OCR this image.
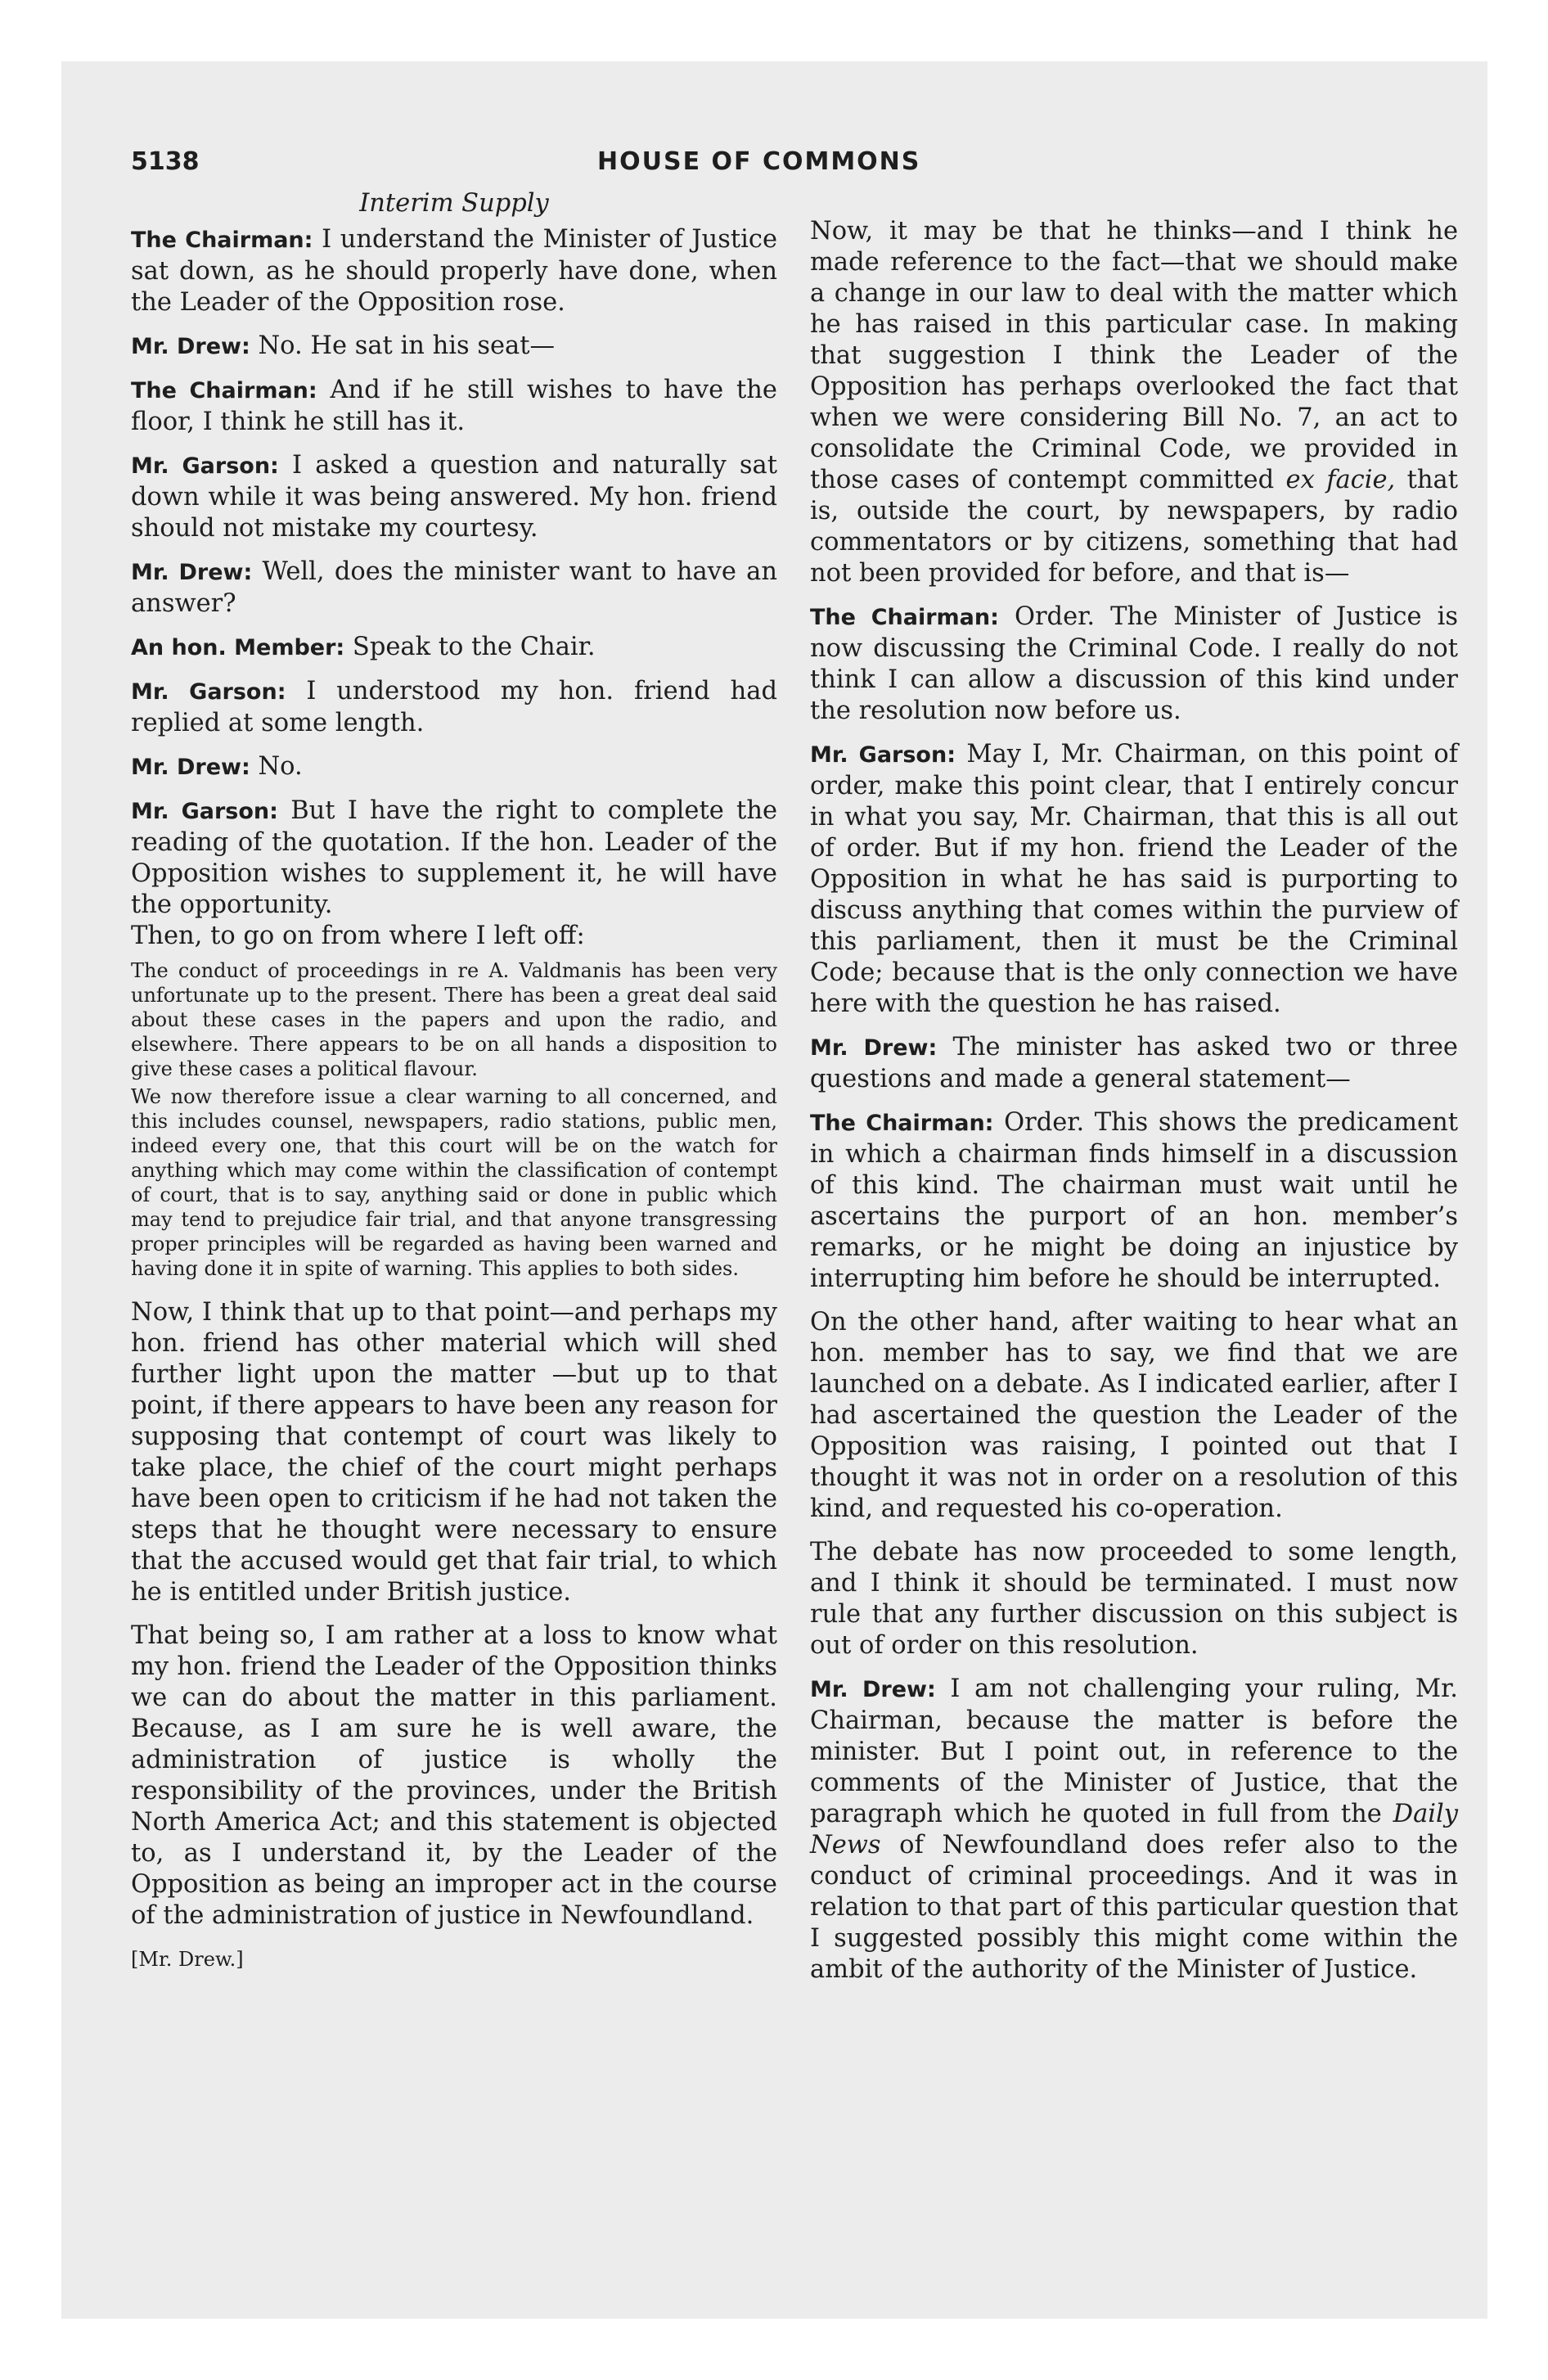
5138	HOUSE OF COMMONS
Interim Supply

The Chairman: I understand the Minister of Justice sat down, as he should properly have done, when the Leader of the Opposition rose.

Mr. Drew: No. He sat in his seat—

The Chairman: And if he still wishes to have the floor, I think he still has it.

Mr. Garson: I asked a question and naturally sat down while it was being answered. My hon. friend should not mistake my courtesy.

Mr. Drew: Well, does the minister want to have an answer?

An hon. Member: Speak to the Chair.

Mr. Garson: I understood my hon. friend had replied at some length.

Mr. Drew: No.

Mr. Garson: But I have the right to complete the reading of the quotation. If the hon. Leader of the Opposition wishes to supplement it, he will have the opportunity.

Then, to go on from where I left off:

The conduct of proceedings in re A. Valdmanis has been very unfortunate up to the present. There has been a great deal said about these cases in the papers and upon the radio, and elsewhere. There appears to be on all hands a disposition to give these cases a political flavour.

We now therefore issue a clear warning to all concerned, and this includes counsel, newspapers, radio stations, public men, indeed every one, that this court will be on the watch for anything which may come within the classification of contempt of court, that is to say, anything said or done in public which may tend to prejudice fair trial, and that anyone transgressing proper principles will be regarded as having been warned and having done it in spite of warning. This applies to both sides.

Now, I think that up to that point—and perhaps my hon. friend has other material which will shed further light upon the matter —but up to that point, if there appears to have been any reason for supposing that contempt of court was likely to take place, the chief of the court might perhaps have been open to criticism if he had not taken the steps that he thought were necessary to ensure that the accused would get that fair trial, to which he is entitled under British justice.

That being so, I am rather at a loss to know what my hon. friend the Leader of the Opposition thinks we can do about the matter in this parliament. Because, as I am sure he is well aware, the administration of justice is wholly the responsibility of the provinces, under the British North America Act; and this statement is objected to, as I understand it, by the Leader of the Opposition as being an improper act in the course of the administration of justice in Newfoundland.

[Mr. Drew.]

Now, it may be that he thinks—and I think he made reference to the fact—that we should make a change in our law to deal with the matter which he has raised in this particular case. In making that suggestion I think the Leader of the Opposition has perhaps overlooked the fact that when we were considering Bill No. 7, an act to consolidate the Criminal Code, we provided in those cases of contempt committed ex facie, that is, outside the court, by newspapers, by radio commentators or by citizens, something that had not been provided for before, and that is—

The Chairman: Order. The Minister of Justice is now discussing the Criminal Code. I really do not think I can allow a discussion of this kind under the resolution now before us.

Mr. Garson: May I, Mr. Chairman, on this point of order, make this point clear, that I entirely concur in what you say, Mr. Chairman, that this is all out of order. But if my hon. friend the Leader of the Opposition in what he has said is purporting to discuss anything that comes within the purview of this parliament, then it must be the Criminal Code; because that is the only connection we have here with the question he has raised.

Mr. Drew: The minister has asked two or three questions and made a general statement—

The Chairman: Order. This shows the predicament in which a chairman finds himself in a discussion of this kind. The chairman must wait until he ascertains the purport of an hon. member’s remarks, or he might be doing an injustice by interrupting him before he should be interrupted.

On the other hand, after waiting to hear what an hon. member has to say, we find that we are launched on a debate. As I indicated earlier, after I had ascertained the question the Leader of the Opposition was raising, I pointed out that I thought it was not in order on a resolution of this kind, and requested his co-operation.

The debate has now proceeded to some length, and I think it should be terminated. I must now rule that any further discussion on this subject is out of order on this resolution.

Mr. Drew: I am not challenging your ruling, Mr. Chairman, because the matter is before the minister. But I point out, in reference to the comments of the Minister of Justice, that the paragraph which he quoted in full from the Daily News of Newfoundland does refer also to the conduct of criminal proceedings. And it was in relation to that part of this particular question that I suggested possibly this might come within the ambit of the authority of the Minister of Justice.
